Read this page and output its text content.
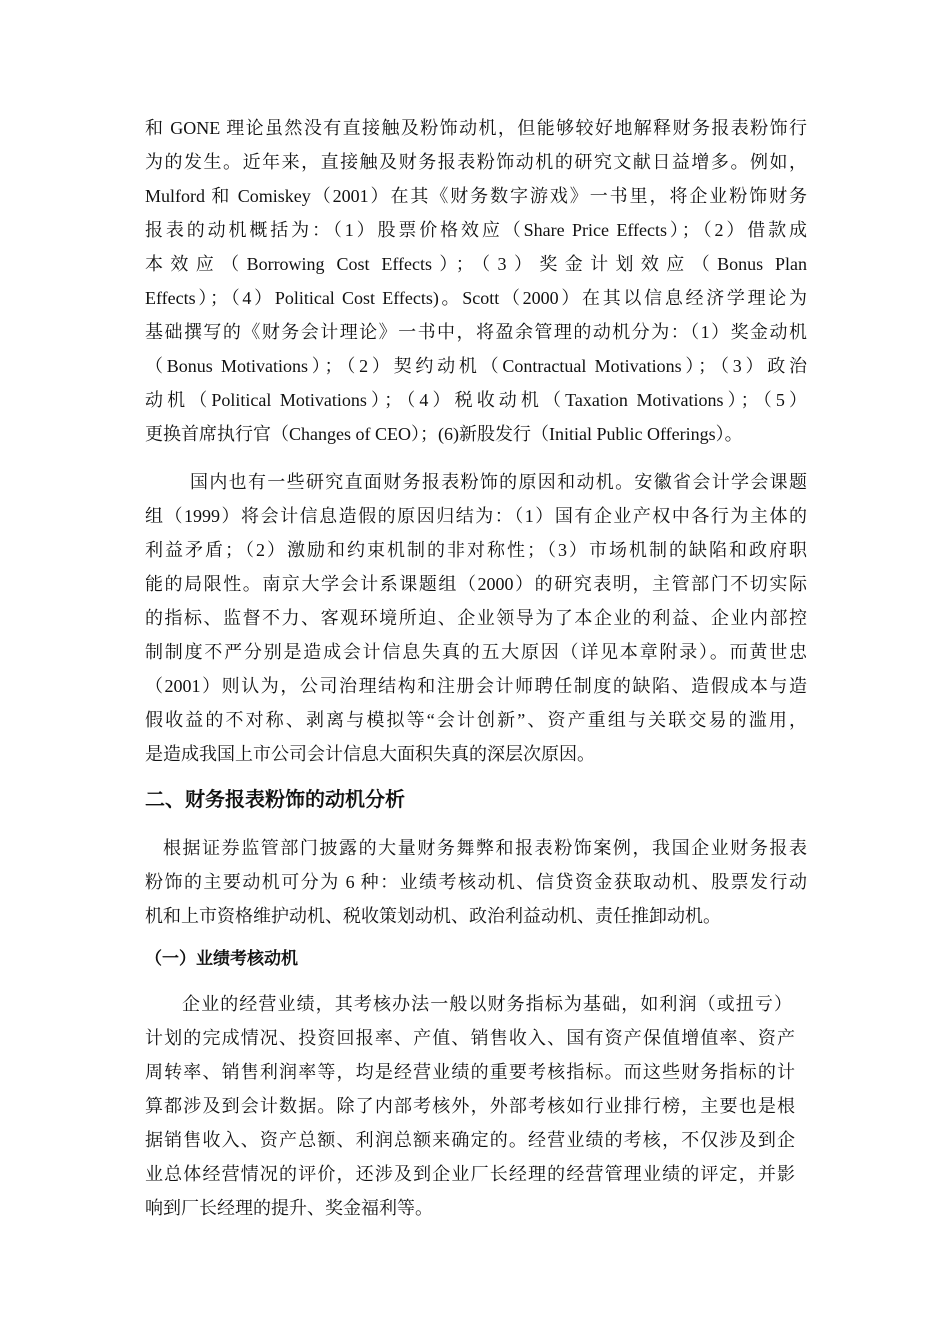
和 GONE 理论虽然没有直接触及粉饰动机，但能够较好地解释财务报表粉饰行
为的发生。近年来，直接触及财务报表粉饰动机的研究文献日益增多。例如，
Mulford 和 Comiskey（2001）在其《财务数字游戏》一书里，将企业粉饰财务
报表的动机概括为：（1）股票价格效应（Share Price Effects）；（2）借款成
本效应（Borrowing Cost Effects）；（3）奖金计划效应（Bonus Plan
Effects）；（4）Political Cost Effects)。Scott（2000）在其以信息经济学理论为
基础撰写的《财务会计理论》一书中，将盈余管理的动机分为：（1）奖金动机
（Bonus Motivations）；（2）契约动机（Contractual Motivations）；（3）政治
动机（Political Motivations）；（4）税收动机（Taxation Motivations）；（5）
更换首席执行官（Changes of CEO）；(6)新股发行（Initial Public Offerings）。
国内也有一些研究直面财务报表粉饰的原因和动机。安徽省会计学会课题
组（1999）将会计信息造假的原因归结为：（1）国有企业产权中各行为主体的
利益矛盾；（2）激励和约束机制的非对称性；（3）市场机制的缺陷和政府职
能的局限性。南京大学会计系课题组（2000）的研究表明，主管部门不切实际
的指标、监督不力、客观环境所迫、企业领导为了本企业的利益、企业内部控
制制度不严分别是造成会计信息失真的五大原因（详见本章附录）。而黄世忠
（2001）则认为，公司治理结构和注册会计师聘任制度的缺陷、造假成本与造
假收益的不对称、剥离与模拟等“会计创新”、资产重组与关联交易的滥用，
是造成我国上市公司会计信息大面积失真的深层次原因。
二、财务报表粉饰的动机分析
根据证券监管部门披露的大量财务舞弊和报表粉饰案例，我国企业财务报表
粉饰的主要动机可分为 6 种：业绩考核动机、信贷资金获取动机、股票发行动
机和上市资格维护动机、税收策划动机、政治利益动机、责任推卸动机。
（一）业绩考核动机
企业的经营业绩，其考核办法一般以财务指标为基础，如利润（或扭亏）
计划的完成情况、投资回报率、产值、销售收入、国有资产保值增值率、资产
周转率、销售利润率等，均是经营业绩的重要考核指标。而这些财务指标的计
算都涉及到会计数据。除了内部考核外，外部考核如行业排行榜，主要也是根
据销售收入、资产总额、利润总额来确定的。经营业绩的考核，不仅涉及到企
业总体经营情况的评价，还涉及到企业厂长经理的经营管理业绩的评定，并影
响到厂长经理的提升、奖金福利等。
